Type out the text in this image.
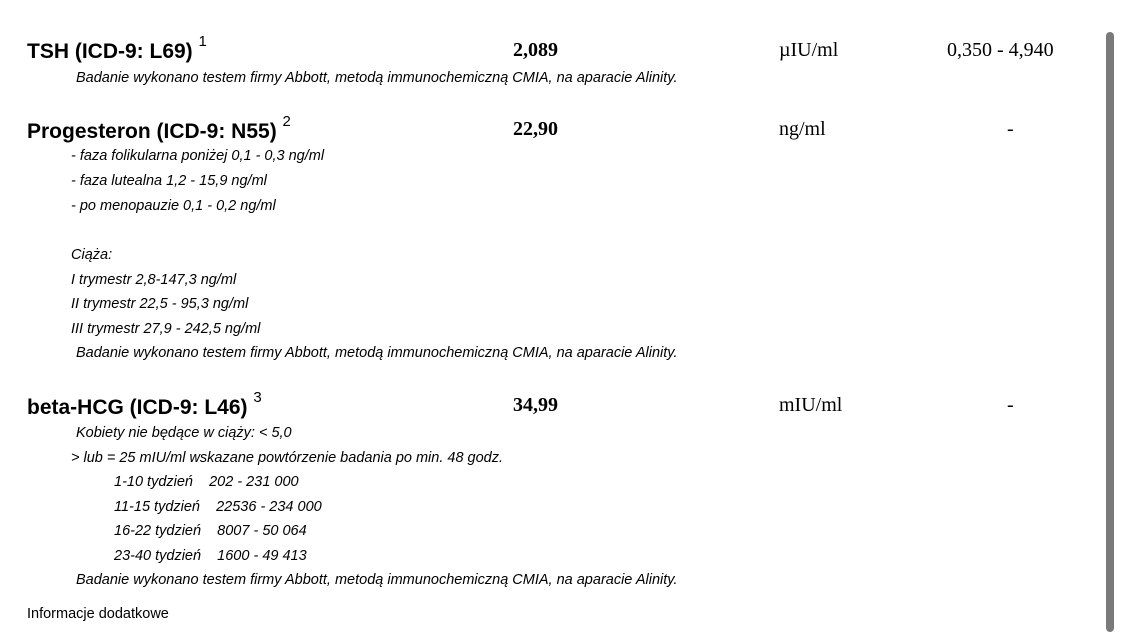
TSH (ICD-9: L69) $^1$	2,089	µIU/ml	0,350 - 4,940
Badanie wykonano testem firmy Abbott, metodą immunochemiczną CMIA, na aparacie Alinity.
Progesteron (ICD-9: N55) $^2$	22,90	ng/ml	-
- faza folikularna poniżej 0,1 - 0,3 ng/ml
- faza lutealna 1,2 - 15,9 ng/ml
- po menopauzie 0,1 - 0,2 ng/ml
Ciąża:
I trymestr 2,8-147,3 ng/ml
II trymestr 22,5 - 95,3 ng/ml
III trymestr 27,9 - 242,5 ng/ml
Badanie wykonano testem firmy Abbott, metodą immunochemiczną CMIA, na aparacie Alinity.
beta-HCG (ICD-9: L46) $^3$	34,99	mIU/ml	-
Kobiety nie będące w ciąży: < 5,0
> lub = 25 mIU/ml wskazane powtórzenie badania po min. 48 godz.
1-10 tydzień    202 - 231 000
11-15 tydzień    22536 - 234 000
16-22 tydzień    8007 - 50 064
23-40 tydzień    1600 - 49 413
Badanie wykonano testem firmy Abbott, metodą immunochemiczną CMIA, na aparacie Alinity.
Informacje dodatkowe
